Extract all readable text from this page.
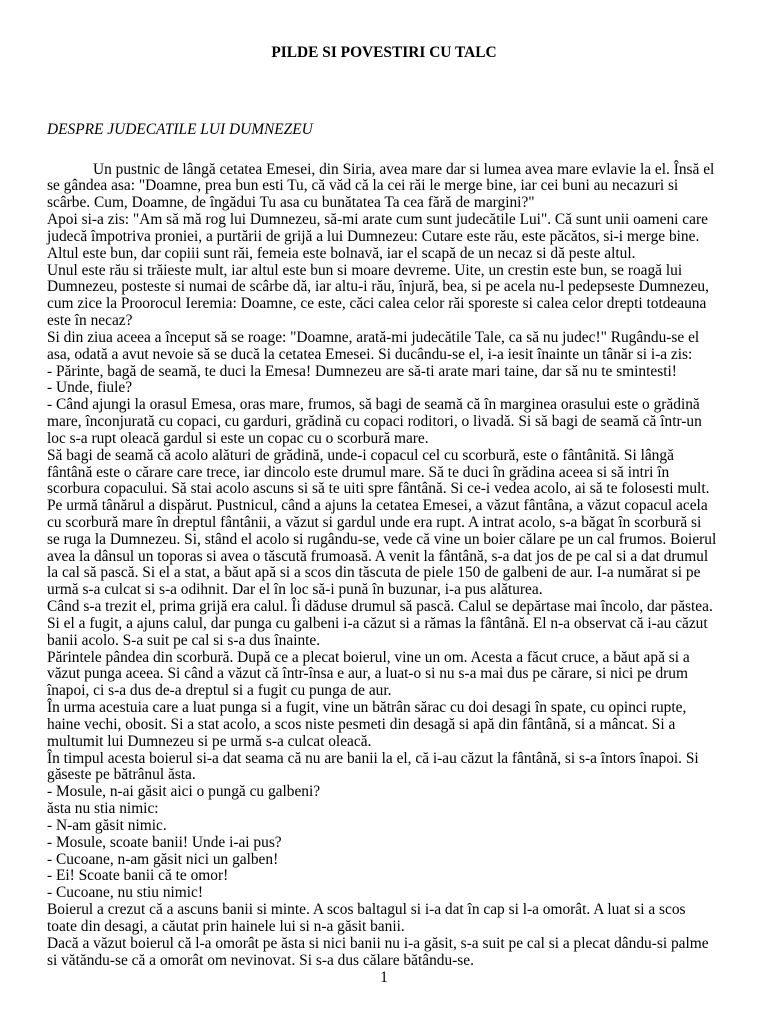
PILDE SI POVESTIRI CU TALC
DESPRE JUDECATILE LUI DUMNEZEU
Un pustnic de lângă cetatea Emesei, din Siria, avea mare dar si lumea avea mare evlavie la el. Însă el
se gândea asa: "Doamne, prea bun esti Tu, că văd că la cei răi le merge bine, iar cei buni au necazuri si
scârbe. Cum, Doamne, de îngădui Tu asa cu bunătatea Ta cea fără de margini?"
Apoi si-a zis: "Am să mă rog lui Dumnezeu, să-mi arate cum sunt judecătile Lui". Că sunt unii oameni care
judecă împotriva proniei, a purtării de grijă a lui Dumnezeu: Cutare este rău, este păcătos, si-i merge bine.
Altul este bun, dar copiii sunt răi, femeia este bolnavă, iar el scapă de un necaz si dă peste altul.
Unul este rău si trăieste mult, iar altul este bun si moare devreme. Uite, un crestin este bun, se roagă lui
Dumnezeu, posteste si numai de scârbe dă, iar altu-i rău, înjură, bea, si pe acela nu-l pedepseste Dumnezeu,
cum zice la Proorocul Ieremia: Doamne, ce este, căci calea celor răi sporeste si calea celor drepti totdeauna
este în necaz?
Si din ziua aceea a început să se roage: "Doamne, arată-mi judecătile Tale, ca să nu judec!" Rugându-se el
asa, odată a avut nevoie să se ducă la cetatea Emesei. Si ducându-se el, i-a iesit înainte un tânăr si i-a zis:
- Părinte, bagă de seamă, te duci la Emesa! Dumnezeu are să-ti arate mari taine, dar să nu te smintesti!
- Unde, fiule?
- Când ajungi la orasul Emesa, oras mare, frumos, să bagi de seamă că în marginea orasului este o grădină
mare, înconjurată cu copaci, cu garduri, grădină cu copaci roditori, o livadă. Si să bagi de seamă că într-un
loc s-a rupt oleacă gardul si este un copac cu o scorbură mare.
Să bagi de seamă că acolo alături de grădină, unde-i copacul cel cu scorbură, este o fântânită. Si lângă
fântână este o cărare care trece, iar dincolo este drumul mare. Să te duci în grădina aceea si să intri în
scorbura copacului. Să stai acolo ascuns si să te uiti spre fântână. Si ce-i vedea acolo, ai să te folosesti mult.
Pe urmă tânărul a dispărut. Pustnicul, când a ajuns la cetatea Emesei, a văzut fântâna, a văzut copacul acela
cu scorbură mare în dreptul fântânii, a văzut si gardul unde era rupt. A intrat acolo, s-a băgat în scorbură si
se ruga la Dumnezeu. Si, stând el acolo si rugându-se, vede că vine un boier călare pe un cal frumos. Boierul
avea la dânsul un toporas si avea o tăscută frumoasă. A venit la fântână, s-a dat jos de pe cal si a dat drumul
la cal să pască. Si el a stat, a băut apă si a scos din tăscuta de piele 150 de galbeni de aur. I-a numărat si pe
urmă s-a culcat si s-a odihnit. Dar el în loc să-i pună în buzunar, i-a pus alăturea.
Când s-a trezit el, prima grijă era calul. Îi dăduse drumul să pască. Calul se depărtase mai încolo, dar păstea.
Si el a fugit, a ajuns calul, dar punga cu galbeni i-a căzut si a rămas la fântână. El n-a observat că i-au căzut
banii acolo. S-a suit pe cal si s-a dus înainte.
Părintele pândea din scorbură. După ce a plecat boierul, vine un om. Acesta a făcut cruce, a băut apă si a
văzut punga aceea. Si când a văzut că într-însa e aur, a luat-o si nu s-a mai dus pe cărare, si nici pe drum
înapoi, ci s-a dus de-a dreptul si a fugit cu punga de aur.
În urma acestuia care a luat punga si a fugit, vine un bătrân sărac cu doi desagi în spate, cu opinci rupte,
haine vechi, obosit. Si a stat acolo, a scos niste pesmeti din desagă si apă din fântână, si a mâncat. Si a
multumit lui Dumnezeu si pe urmă s-a culcat oleacă.
În timpul acesta boierul si-a dat seama că nu are banii la el, că i-au căzut la fântână, si s-a întors înapoi. Si
găseste pe bătrânul ăsta.
- Mosule, n-ai găsit aici o pungă cu galbeni?
ăsta nu stia nimic:
- N-am găsit nimic.
- Mosule, scoate banii! Unde i-ai pus?
- Cucoane, n-am găsit nici un galben!
- Ei! Scoate banii că te omor!
- Cucoane, nu stiu nimic!
Boierul a crezut că a ascuns banii si minte. A scos baltagul si i-a dat în cap si l-a omorât. A luat si a scos
toate din desagi, a căutat prin hainele lui si n-a găsit banii.
Dacă a văzut boierul că l-a omorât pe ăsta si nici banii nu i-a găsit, s-a suit pe cal si a plecat dându-si palme
si vătăndu-se că a omorât om nevinovat. Si s-a dus călare bătându-se.
1
